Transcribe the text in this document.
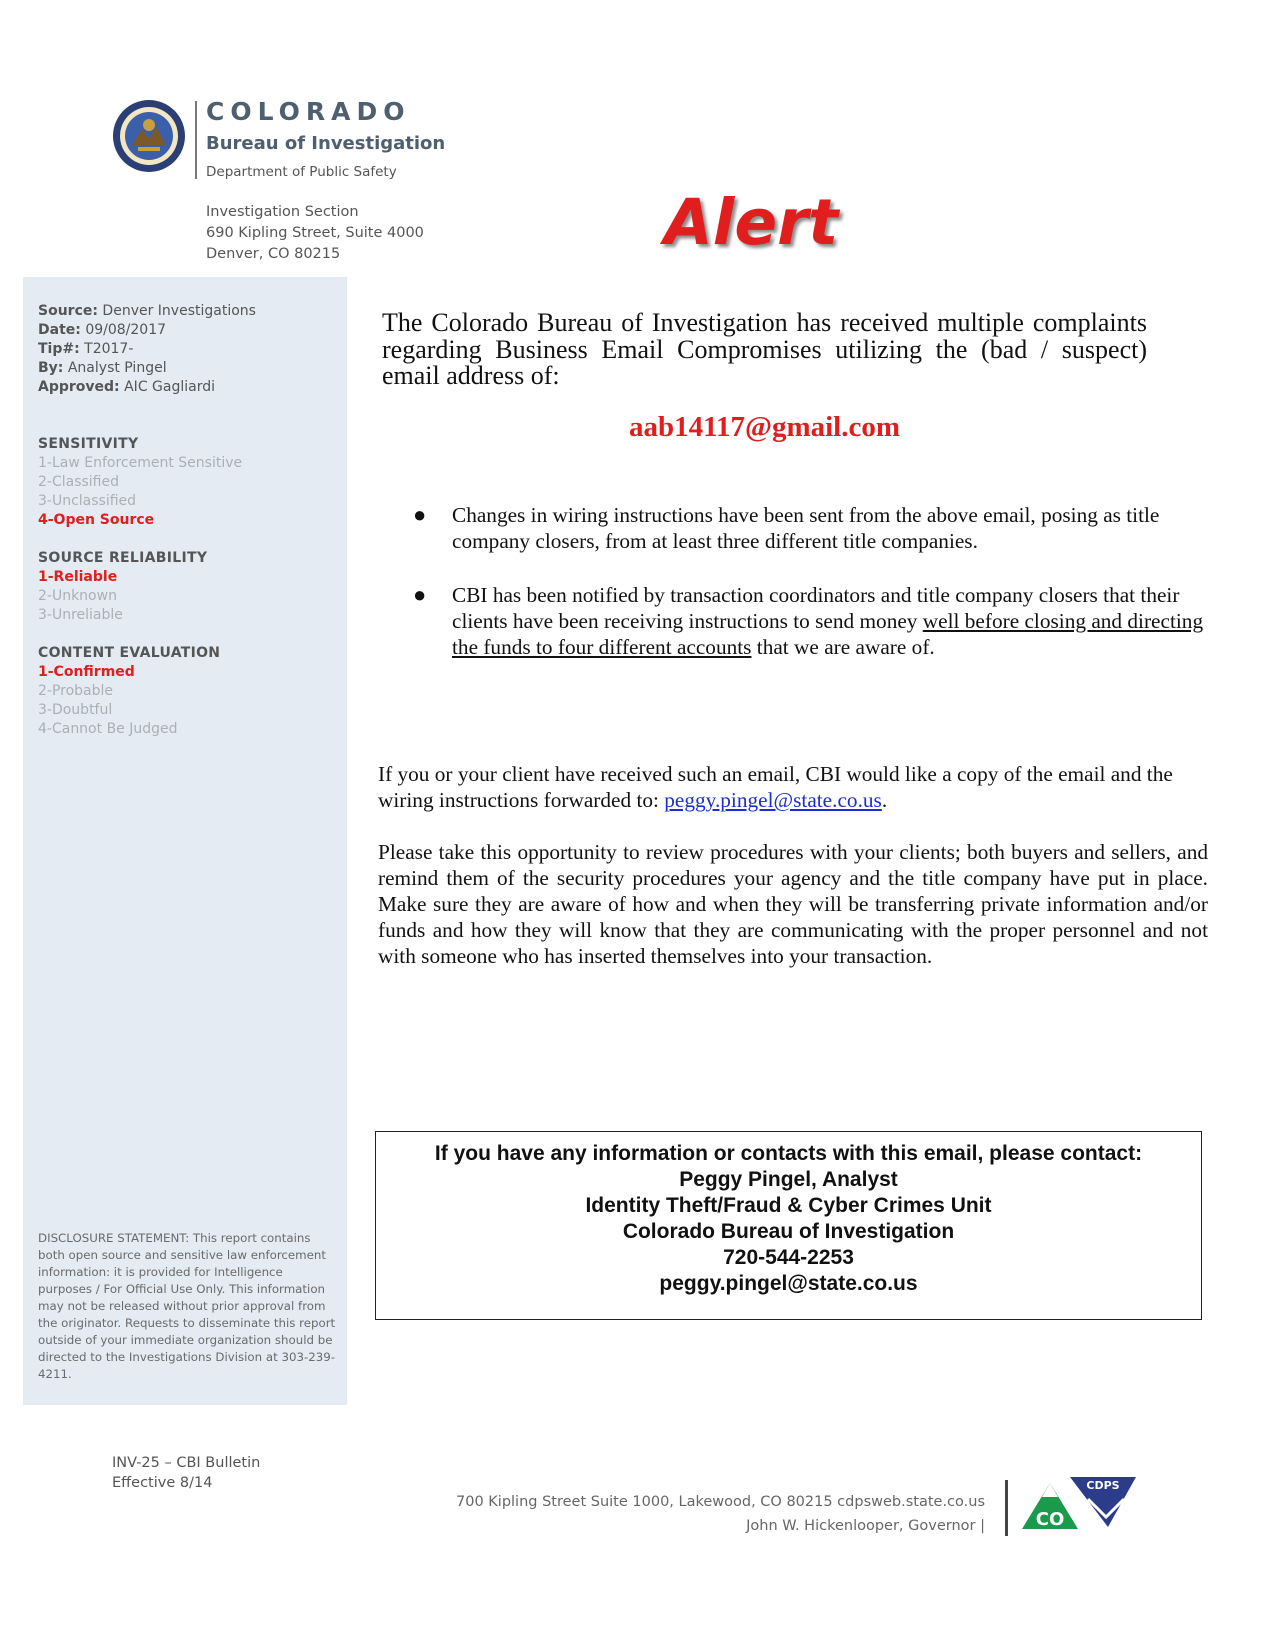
COLORADO
Bureau of Investigation
Department of Public Safety
Investigation Section
690 Kipling Street, Suite 4000
Denver, CO 80215	Alert
Source: Denver Investigations
Date: 09/08/2017
Tip#: T2017-
By: Analyst Pingel
Approved: AIC Gagliardi
SENSITIVITY
1-Law Enforcement Sensitive
2-Classified
3-Unclassified
4-Open Source
SOURCE RELIABILITY
1-Reliable
2-Unknown
3-Unreliable
CONTENT EVALUATION
1-Confirmed
2-Probable
3-Doubtful
4-Cannot Be Judged
DISCLOSURE STATEMENT: This report contains both open source and sensitive law enforcement information: it is provided for Intelligence purposes / For Official Use Only. This information may not be released without prior approval from the originator. Requests to disseminate this report outside of your immediate organization should be directed to the Investigations Division at 303-239-4211.
The Colorado Bureau of Investigation has received multiple complaints regarding Business Email Compromises utilizing the (bad / suspect) email address of:
aab14117@gmail.com
● Changes in wiring instructions have been sent from the above email, posing as title company closers, from at least three different title companies.
● CBI has been notified by transaction coordinators and title company closers that their clients have been receiving instructions to send money well before closing and directing the funds to four different accounts that we are aware of.
If you or your client have received such an email, CBI would like a copy of the email and the wiring instructions forwarded to: peggy.pingel@state.co.us.
Please take this opportunity to review procedures with your clients; both buyers and sellers, and remind them of the security procedures your agency and the title company have put in place. Make sure they are aware of how and when they will be transferring private information and/or funds and how they will know that they are communicating with the proper personnel and not with someone who has inserted themselves into your transaction.
If you have any information or contacts with this email, please contact:
Peggy Pingel, Analyst
Identity Theft/Fraud & Cyber Crimes Unit
Colorado Bureau of Investigation
720-544-2253
peggy.pingel@state.co.us
INV-25 – CBI Bulletin
Effective 8/14
700 Kipling Street Suite 1000, Lakewood, CO 80215 cdpsweb.state.co.us
John W. Hickenlooper, Governor |
CDPS
CO
